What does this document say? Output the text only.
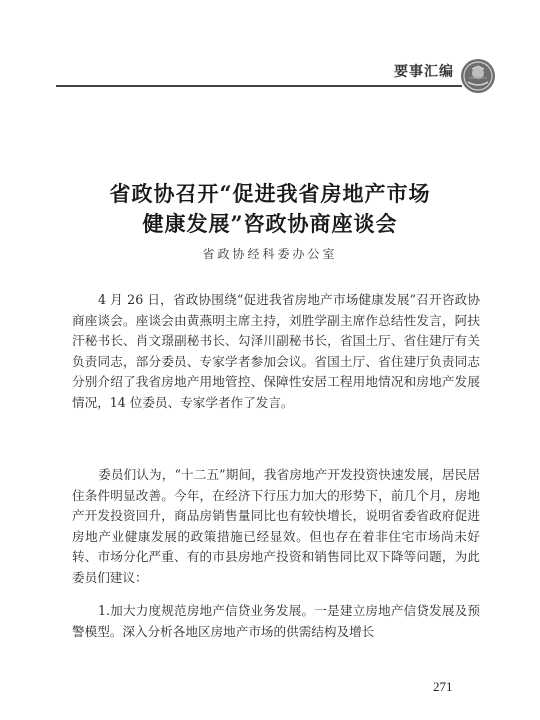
要事汇编
省政协召开“促进我省房地产市场
健康发展”咨政协商座谈会
省政协经科委办公室
4 月 26 日，省政协围绕“促进我省房地产市场健康发展”召开咨政协商座谈会。座谈会由黄燕明主席主持，刘胜学副主席作总结性发言，阿扶汗秘书长、肖文璟副秘书长、勾泽川副秘书长，省国土厅、省住建厅有关负责同志，部分委员、专家学者参加会议。省国土厅、省住建厅负责同志分别介绍了我省房地产用地管控、保障性安居工程用地情况和房地产发展情况，14 位委员、专家学者作了发言。
委员们认为，“十二五”期间，我省房地产开发投资快速发展，居民居住条件明显改善。今年，在经济下行压力加大的形势下，前几个月，房地产开发投资回升，商品房销售量同比也有较快增长，说明省委省政府促进房地产业健康发展的政策措施已经显效。但也存在着非住宅市场尚未好转、市场分化严重、有的市县房地产投资和销售同比双下降等问题，为此委员们建议：
1.加大力度规范房地产信贷业务发展。一是建立房地产信贷发展及预警模型。深入分析各地区房地产市场的供需结构及增长
271
